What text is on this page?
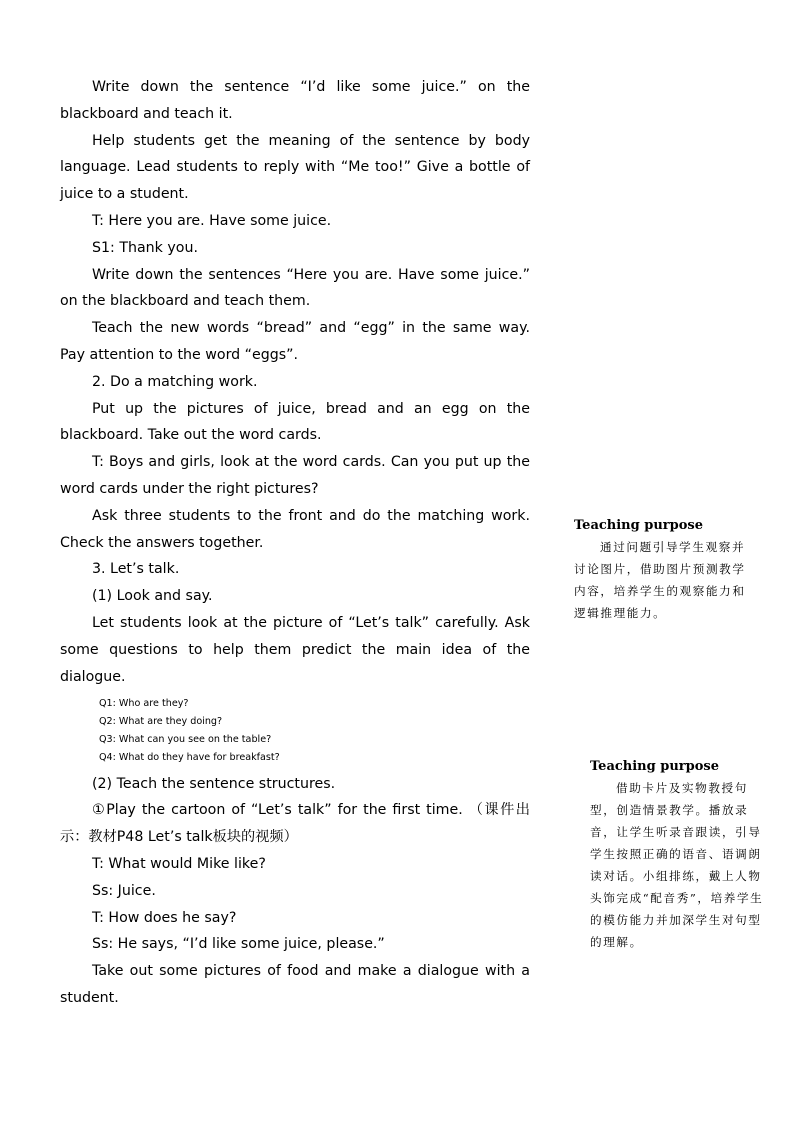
Write down the sentence “I’d like some juice.” on the blackboard and teach it.

Help students get the meaning of the sentence by body language. Lead students to reply with “Me too!” Give a bottle of juice to a student.

T: Here you are. Have some juice.

S1: Thank you.

Write down the sentences “Here you are. Have some juice.” on the blackboard and teach them.

Teach the new words “bread” and “egg” in the same way. Pay attention to the word “eggs”.

2. Do a matching work.

Put up the pictures of juice, bread and an egg on the blackboard. Take out the word cards.

T: Boys and girls, look at the word cards. Can you put up the word cards under the right pictures?

Ask three students to the front and do the matching work. Check the answers together.

3. Let’s talk.

(1) Look and say.

Let students look at the picture of “Let’s talk” carefully. Ask some questions to help them predict the main idea of the dialogue.

Q1: Who are they?

Q2: What are they doing?

Q3: What can you see on the table?

Q4: What do they have for breakfast?

(2) Teach the sentence structures.

①Play the cartoon of “Let’s talk” for the first time. （课件出示：教材P48 Let’s talk板块的视频）

T: What would Mike like?

Ss: Juice.

T: How does he say?

Ss: He says, “I’d like some juice, please.”

Take out some pictures of food and make a dialogue with a student.

Teaching purpose

通过问题引导学生观察并讨论图片，借助图片预测教学内容，培养学生的观察能力和逻辑推理能力。

Teaching purpose

借助卡片及实物教授句型，创造情景教学。播放录音，让学生听录音跟读，引导学生按照正确的语音、语调朗读对话。小组排练，戴上人物头饰完成“配音秀”，培养学生的模仿能力并加深学生对句型的理解。
